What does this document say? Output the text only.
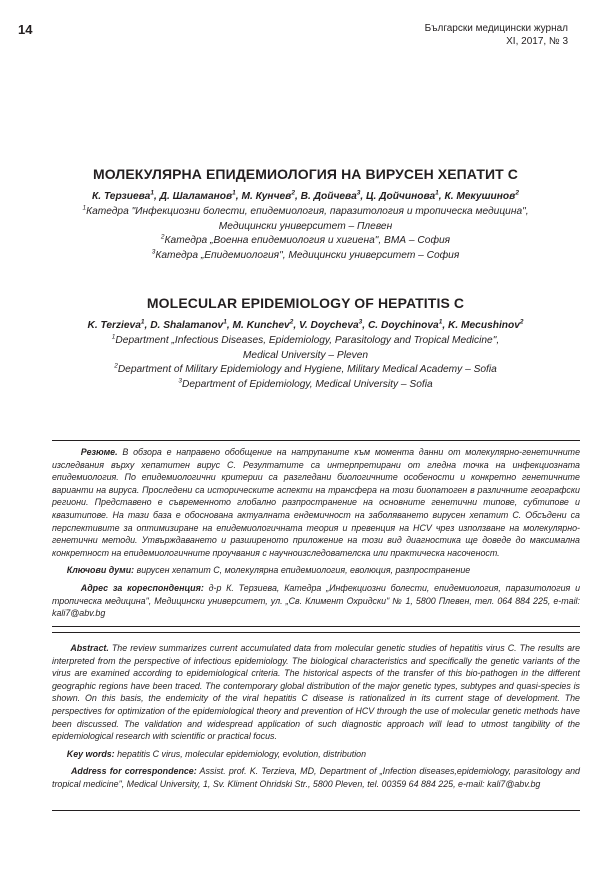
14	Български медицински журнал
XI, 2017, № 3
МОЛЕКУЛЯРНА ЕПИДЕМИОЛОГИЯ НА ВИРУСЕН ХЕПАТИТ С
К. Терзиева$^1$, Д. Шаламанов$^1$, М. Кунчев$^2$, В. Дойчева$^3$, Ц. Дойчинова$^1$, К. Мекушинов$^2$
$^1$Катедра "Инфекциозни болести, епидемиология, паразитология и тропическа медицина",
Медицински университет – Плевен
$^2$Катедра „Военна епидемиология и хигиена", ВМА – София
$^3$Катедра „Епидемиология", Медицински университет – София
MOLECULAR EPIDEMIOLOGY OF HEPATITIS C
K. Terzieva$^1$, D. Shalamanov$^1$, M. Kunchev$^2$, V. Doycheva$^3$, C. Doychinova$^1$, K. Mecushinov$^2$
$^1$Department „Infectious Diseases, Epidemiology, Parasitology and Tropical Medicine",
Medical University – Pleven
$^2$Department of Military Epidemiology and Hygiene, Military Medical Academy – Sofia
$^3$Department of Epidemiology, Medical University – Sofia

Резюме. В обзора е направено обобщение на натрупаните към момента данни от молекулярно-генетичните изследвания върху хепатитен вирус С. Резултатите са интерпретирани от гледна точка на инфекциозната епидемиология. По епидемиологични критерии са разгледани биологичните особености и конкретно генетичните варианти на вируса. Проследени са историческите аспекти на трансфера на този биопатоген в различните географски региони. Представено е съвременното глобално разпространение на основните генетични типове, субтипове и квазитипове. На тази база е обоснована актуалната ендемичност на заболяването вирусен хепатит С. Обсъдени са перспективите за оптимизиране на епидемиологичната теория и превенция на HCV чрез използване на молекулярно-генетични методи. Утвърждаването и разширеното приложение на този вид диагностика ще доведе до максимална конкретност на епидемиологичните проучвания с научноизследователска или практическа насоченост.

Ключови думи: вирусен хепатит С, молекулярна епидемиология, еволюция, разпространение

Адрес за кореспонденция: д-р К. Терзиева, Катедра „Инфекциозни болести, епидемиология, паразитология и тропическа медицина", Медицински университет, ул. „Св. Климент Охридски" № 1, 5800 Плевен, тел. 064 884 225, e-mail: kali7@abv.bg

Abstract. The review summarizes current accumulated data from molecular genetic studies of hepatitis virus C. The results are interpreted from the perspective of infectious epidemiology. The biological characteristics and specifically the genetic variants of the virus are examined according to epidemiological criteria. The historical aspects of the transfer of this bio-pathogen in the different geographic regions have been traced. The contemporary global distribution of the major genetic types, subtypes and quasi-species is shown. On this basis, the endemicity of the viral hepatitis C disease is rationalized in its current stage of development. The perspectives for optimization of the epidemiological theory and prevention of HCV through the use of molecular genetic methods have been discussed. The validation and widespread application of such diagnostic approach will lead to utmost tangibility of the epidemiological research with scientific or practical focus.

Key words: hepatitis C virus, molecular epidemiology, evolution, distribution

Address for correspondence: Assist. prof. K. Terzieva, MD, Department of „Infection diseases,epidemiology, parasitology and tropical medicine", Medical University, 1, Sv. Kliment Ohridski Str., 5800 Pleven, tel. 00359 64 884 225, e-mail: kali7@abv.bg
